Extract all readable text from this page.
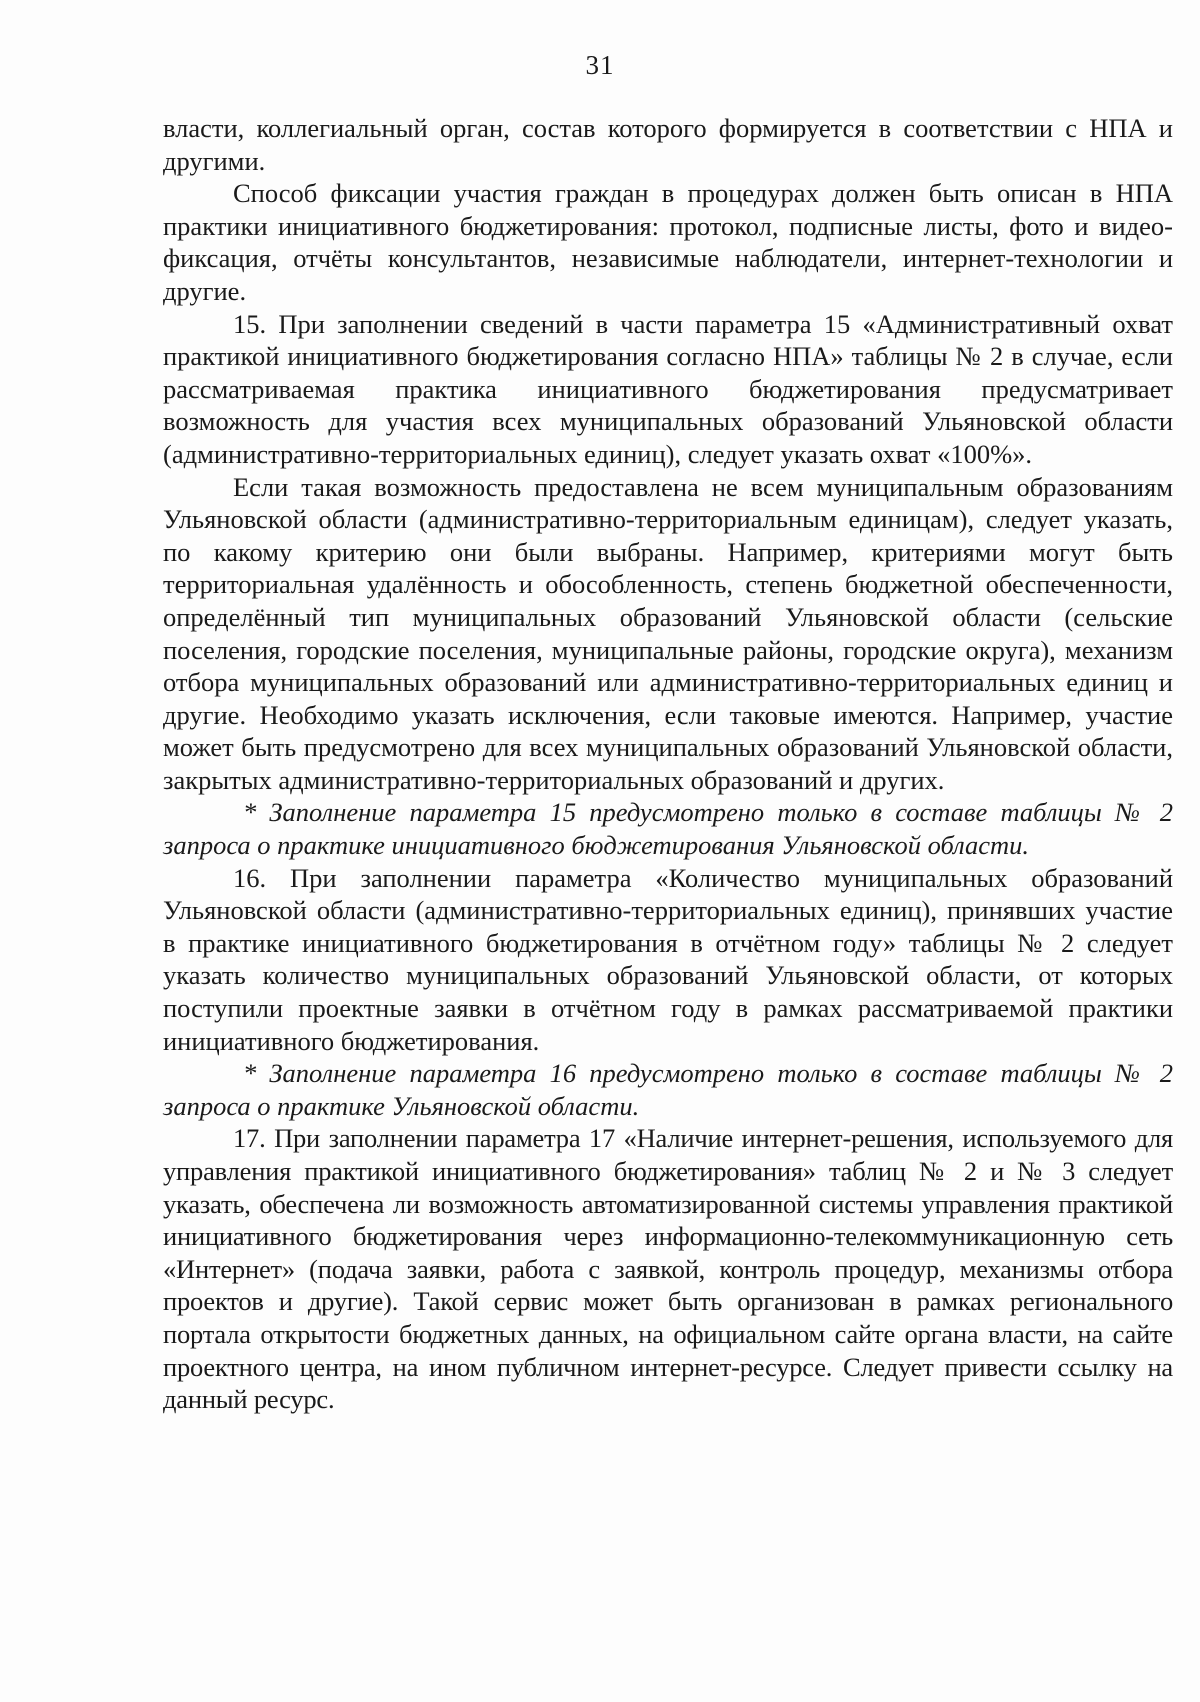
31

власти, коллегиальный орган, состав которого формируется в соответствии с НПА и другими.

Способ фиксации участия граждан в процедурах должен быть описан в НПА практики инициативного бюджетирования: протокол, подписные листы, фото и видео-фиксация, отчёты консультантов, независимые наблюдатели, интернет-технологии и другие.

15. При заполнении сведений в части параметра 15 «Административный охват практикой инициативного бюджетирования согласно НПА» таблицы № 2 в случае, если рассматриваемая практика инициативного бюджетирования предусматривает возможность для участия всех муниципальных образований Ульяновской области (административно-территориальных единиц), следует указать охват «100%».

Если такая возможность предоставлена не всем муниципальным образованиям Ульяновской области (административно-территориальным единицам), следует указать, по какому критерию они были выбраны. Например, критериями могут быть территориальная удалённость и обособленность, степень бюджетной обеспеченности, определённый тип муниципальных образований Ульяновской области (сельские поселения, городские поселения, муниципальные районы, городские округа), механизм отбора муниципальных образований или административно-территориальных единиц и другие. Необходимо указать исключения, если таковые имеются. Например, участие может быть предусмотрено для всех муниципальных образований Ульяновской области, закрытых административно-территориальных образований и других.

* Заполнение параметра 15 предусмотрено только в составе таблицы № 2 запроса о практике инициативного бюджетирования Ульяновской области.

16. При заполнении параметра «Количество муниципальных образований Ульяновской области (административно-территориальных единиц), принявших участие в практике инициативного бюджетирования в отчётном году» таблицы № 2 следует указать количество муниципальных образований Ульяновской области, от которых поступили проектные заявки в отчётном году в рамках рассматриваемой практики инициативного бюджетирования.

* Заполнение параметра 16 предусмотрено только в составе таблицы № 2 запроса о практике Ульяновской области.

17. При заполнении параметра 17 «Наличие интернет-решения, используемого для управления практикой инициативного бюджетирования» таблиц № 2 и № 3 следует указать, обеспечена ли возможность автоматизированной системы управления практикой инициативного бюджетирования через информационно-телекоммуникационную сеть «Интернет» (подача заявки, работа с заявкой, контроль процедур, механизмы отбора проектов и другие). Такой сервис может быть организован в рамках регионального портала открытости бюджетных данных, на официальном сайте органа власти, на сайте проектного центра, на ином публичном интернет-ресурсе. Следует привести ссылку на данный ресурс.
